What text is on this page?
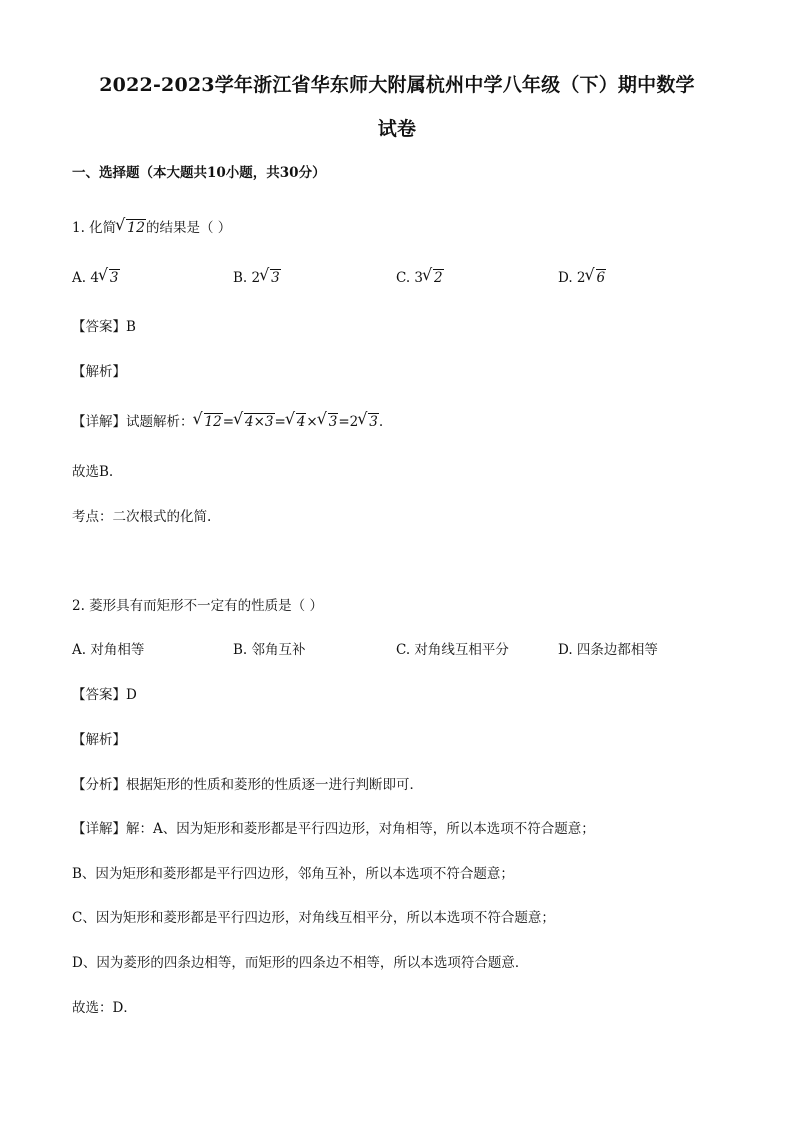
2022-2023学年浙江省华东师大附属杭州中学八年级（下）期中数学
试卷
一、选择题（本大题共10小题，共30分）
1. 化简 √ 12的结果是（ ）
A. 4 √ 3	B. 2 √ 3	C. 3 √ 2	D. 2 √ 6
【答案】B
【解析】
【详解】试题解析： √ 12= √ 4×3= √ 4× √ 3=2 √ 3.
故选B.
考点：二次根式的化简.
2. 菱形具有而矩形不一定有的性质是（ ）
A. 对角相等	B. 邻角互补	C. 对角线互相平分	D. 四条边都相等
【答案】D
【解析】
【分析】根据矩形的性质和菱形的性质逐一进行判断即可．
【详解】解：A、因为矩形和菱形都是平行四边形，对角相等，所以本选项不符合题意；
B、因为矩形和菱形都是平行四边形，邻角互补，所以本选项不符合题意；
C、因为矩形和菱形都是平行四边形，对角线互相平分，所以本选项不符合题意；
D、因为菱形的四条边相等，而矩形的四条边不相等，所以本选项符合题意．
故选：D．
